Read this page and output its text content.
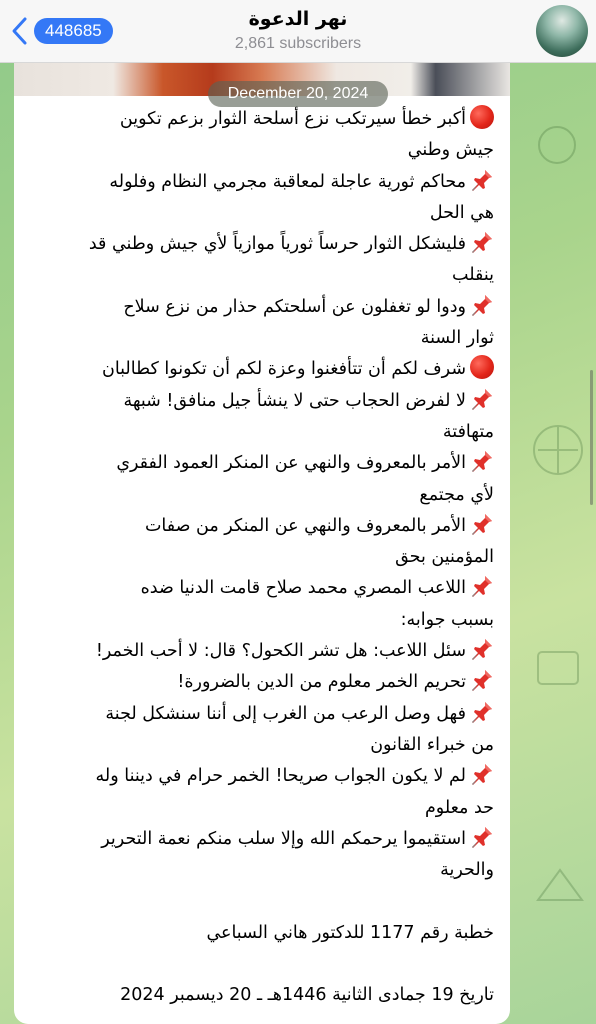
448685
نهر الدعوة
2,861 subscribers
أكبر خطأ سيرتكب نزع أسلحة الثوار بزعم تكوين
جيش وطني
محاكم ثورية عاجلة لمعاقبة مجرمي النظام وفلوله
هي الحل
فليشكل الثوار حرساً ثورياً موازياً لأي جيش وطني قد
ينقلب
ودوا لو تغفلون عن أسلحتكم حذار من نزع سلاح
ثوار السنة
شرف لكم أن تتأفغنوا وعزة لكم أن تكونوا كطالبان
لا لفرض الحجاب حتى لا ينشأ جيل منافق! شبهة
متهافتة
الأمر بالمعروف والنهي عن المنكر العمود الفقري
لأي مجتمع
الأمر بالمعروف والنهي عن المنكر من صفات
المؤمنين بحق
اللاعب المصري محمد صلاح قامت الدنيا ضده
بسبب جوابه:
سئل اللاعب: هل تشر الكحول؟ قال: لا أحب الخمر!
تحريم الخمر معلوم من الدين بالضرورة!
فهل وصل الرعب من الغرب إلى أننا سنشكل لجنة
من خبراء القانون
لم لا يكون الجواب صريحا! الخمر حرام في ديننا وله
حد معلوم
استقيموا يرحمكم الله وإلا سلب منكم نعمة التحرير
والحرية
خطبة رقم 1177 للدكتور هاني السباعي
تاريخ 19 جمادى الثانية 1446هـ ـ 20 ديسمبر 2024
December 20, 2024
